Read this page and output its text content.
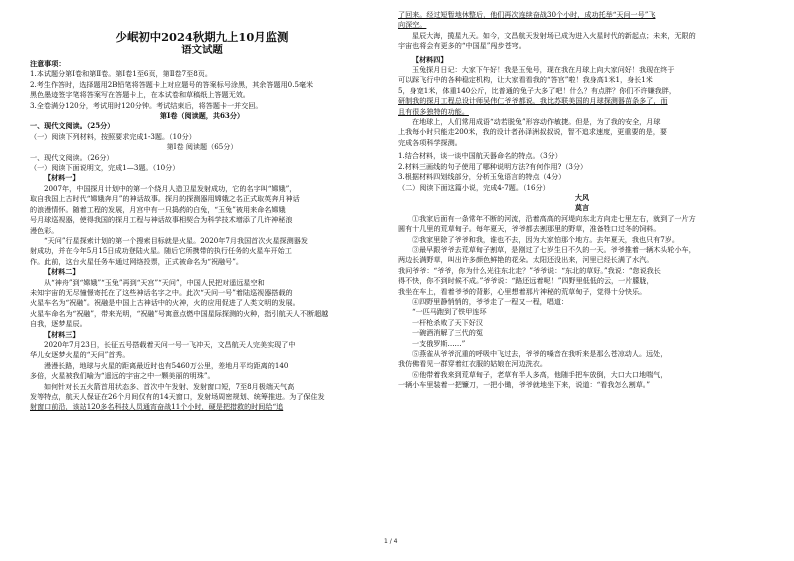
少岷初中2024秋期九上10月监测
语文试题
注意事项：
1.本试题分第Ⅰ卷和第Ⅱ卷。第Ⅰ卷1至6页，第Ⅱ卷7至8页。
2.考生作答时，选择题用2B铅笔将答题卡上对应题号的答案标号涂黑，其余答题用0.5毫米
黑色墨迹签字笔将答案写在答题卡上，在本试卷和草稿纸上答题无效。
3.全卷满分120分，考试用时120分钟。考试结束后，将答题卡一并交回。
第Ⅰ卷（阅读题，共63分）
一、现代文阅读。（25分）
（一）阅读下列材料，按照要求完成1-3题。（10分）
第Ⅰ卷 阅读题（65分）
一、现代文阅读。（26分）
（一）阅读下面说明文，完成1—3题。（10分）
【材料一】
2007年，中国探月计划中的第一个绕月人造卫星发射成功，它的名字叫“嫦娥”，
取自我国上古时代“嫦娥奔月”的神话故事。探月的探测器用嫦娥之名正式取英奔月神话
的浪漫情怀。随着工程的发展，月宫中有一只捣药的白兔，“玉兔”被用来命名嫦娥
号月球巡视器，使得我国的探月工程与神话故事相契合为科学技术增添了几许神秘浪
漫色彩。
“天问”行星探索计划的第一个搜索目标就是火星。2020年7月我国首次火星探测器发
射成功，并在今年5月15日成功登陆火星。随后它所携带的执行任务的火星车开始工
作。此前，这台火星任务车通过网络投票，正式被命名为“祝融号”。
【材料二】
从“神舟”到“嫦娥”“玉兔”再到“天宫”“天问”，中国人民把对遥远星空和
未知宇宙的无尽憧憬寄托在了这些神话名字之中。此次“天问一号”着陆巡视器搭载的
火星车名为“祝融”。祝融是中国上古神话中的火神，火的应用促进了人类文明的发展。
火星车命名为“祝融”，带来光明，“祝融”号寓意点燃中国星际探测的火种，指引航天人不断超越
自我，逐梦星辰。
【材料三】
2020年7月23日，长征五号搭载着天问一号一飞冲天，文昌航天人完美实现了中
华儿女逐梦火星的“天问”首秀。
漫漫长路，地球与火星的距离最近时也有5460万公里，差地月平均距离的140
多倍，火星被我们喻为“遥远的宇宙之中一颗美丽的明珠”。
如何针对长五火箭首用状态多、首次中午发射、发射窗口短，7至8月极端天气高
发等特点，航天人保证在26个月间仅有的14天窗口，发射场周密规划、统筹推进。为了保住发
射窗口前沿，该站120多名科技人员通宵奋战11个小时，硬是把措救的时间给“追
了回来。经过短暂地休整后，他们再次连续奋战30个小时，成功托举“天问一号”飞
向深空。
星辰大海，揽星九天。如今，文昌航天发射场已成为进入火星时代的新起点；未来，无限的
宇宙也将会有更多的“中国星”闯步苍穹。
【材料四】
玉兔探月日记：大家下午好！我是玉兔号，现在我在月球上向大家问好！我现在终于
可以踩飞行中的各种稳定机构，让大家看看我的“答宫”啦！我身高1米1，身长1米
5，身宽1米，体重140公斤，比普通的兔子大多了吧！什么？有点胖？你们不许嫌我胖，
研制我的探月工程总设计师吴伟仁爷爷都说，我比苏联美国的月球探测器苗条多了，而
且有很多独特的功能。
在地球上，人们常用成语“动若脱兔”形容动作敏捷。但是，为了我的安全，月球
上我每小时只能走200米，我的设计者孙泽洲叔叔说，智不追求速度，更重要的是，要
完成各项科学探测。
1.结合材料，谈一谈中国航天器命名的特点。（3分）
2.材料三画线的句子使用了哪种说明方法?有何作用?（3分）
3.根据材料四划线部分，分析玉兔语言的特点（4分）
（二）阅读下面这篇小说，完成4-7题。（16分）
大风
莫言
①我家后面有一条常年不断的河流，沿着高高的河堤向东北方向走七里左右，就到了一片方
圆有十几里的荒草甸子。每年夏天，爷爷都去割那里的野草，准备牲口过冬的饲料。
②我家里除了爷爷和我，谁也不去，因为大家怕那个地方。去年夏天，我也只有7岁。
③最早跟爷爷去荒草甸子割草，是刚过了七岁生日不久的一天。爷爷推着一辆木头轮小车，
两边长满野草，叫出许多颜色鲜艳的花朵。太阳还没出来，河里已经长满了水汽。
我问爷爷：“爷爷，你为什么光往东北走？”爷爷说：“东北的草好。”我说：“您说我长
得不快，你不到时候不成。”爷爷说：“路还远着呢！”四野里低低的云，一片朦胧，
我坐在车上，看着爷爷的背影，心里想着那片神秘的荒草甸子，觉得十分快乐。
④四野里静悄悄的，爷爷走了一程又一程，唱道：
“一匹马跑到了铁甲连环
一杆枪杀败了天下好汉
一碗酒消解了三代的冤
一支俄罗斯……”
⑤燕雀从爷爷沉重的呼吸中飞过去，爷爷的嗓音在我听来是那么苍凉动人。远处，
我仿佛看见一群穿着红衣服的姑娘在河边洗衣。
⑥他带着我来到荒草甸子，老草有半人多高，他随手把车放倒，大口大口地喘气，
一辆小车里装着一把镰刀，一把小锄，爷爷就地坐下来，说道：“看我怎么割草。”
1 / 4
